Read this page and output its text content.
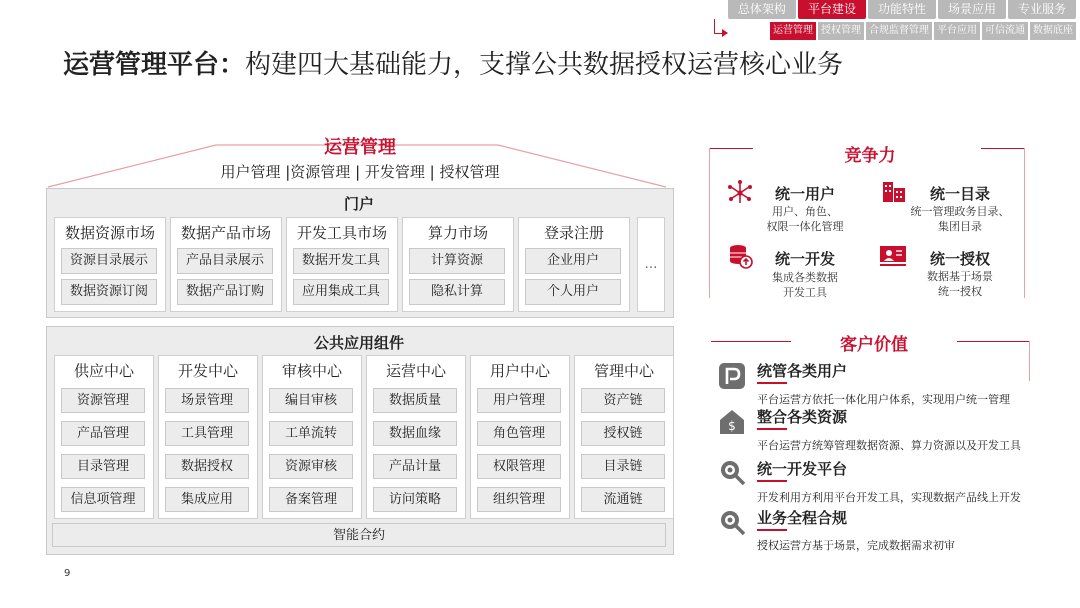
总体架构	平台建设	功能特性	场景应用	专业服务
运营管理 授权管理 合规监督管理 平台应用 可信流通 数据底座
运营管理平台：构建四大基础能力，支撑公共数据授权运营核心业务
运营管理
用户管理 |资源管理 | 开发管理 | 授权管理
门户
数据资源市场
资源目录展示
数据资源订阅
数据产品市场
产品目录展示
数据产品订购
开发工具市场
数据开发工具
应用集成工具
算力市场
计算资源
隐私计算
登录注册
企业用户
个人用户
…
公共应用组件
供应中心
资源管理
产品管理
目录管理
信息项管理
开发中心
场景管理
工具管理
数据授权
集成应用
审核中心
编目审核
工单流转
资源审核
备案管理
运营中心
数据质量
数据血缘
产品计量
访问策略
用户中心
用户管理
角色管理
权限管理
组织管理
管理中心
资产链
授权链
目录链
流通链
智能合约
9
竞争力
统一用户
用户、角色、
权限一体化管理
统一目录
统一管理政务目录、
集团目录
统一开发
集成各类数据
开发工具
统一授权
数据基于场景
统一授权
客户价值
$
统管各类用户
平台运营方依托一体化用户体系，实现用户统一管理
整合各类资源
平台运营方统筹管理数据资源、算力资源以及开发工具
统一开发平台
开发利用方利用平台开发工具，实现数据产品线上开发
业务全程合规
授权运营方基于场景，完成数据需求初审
